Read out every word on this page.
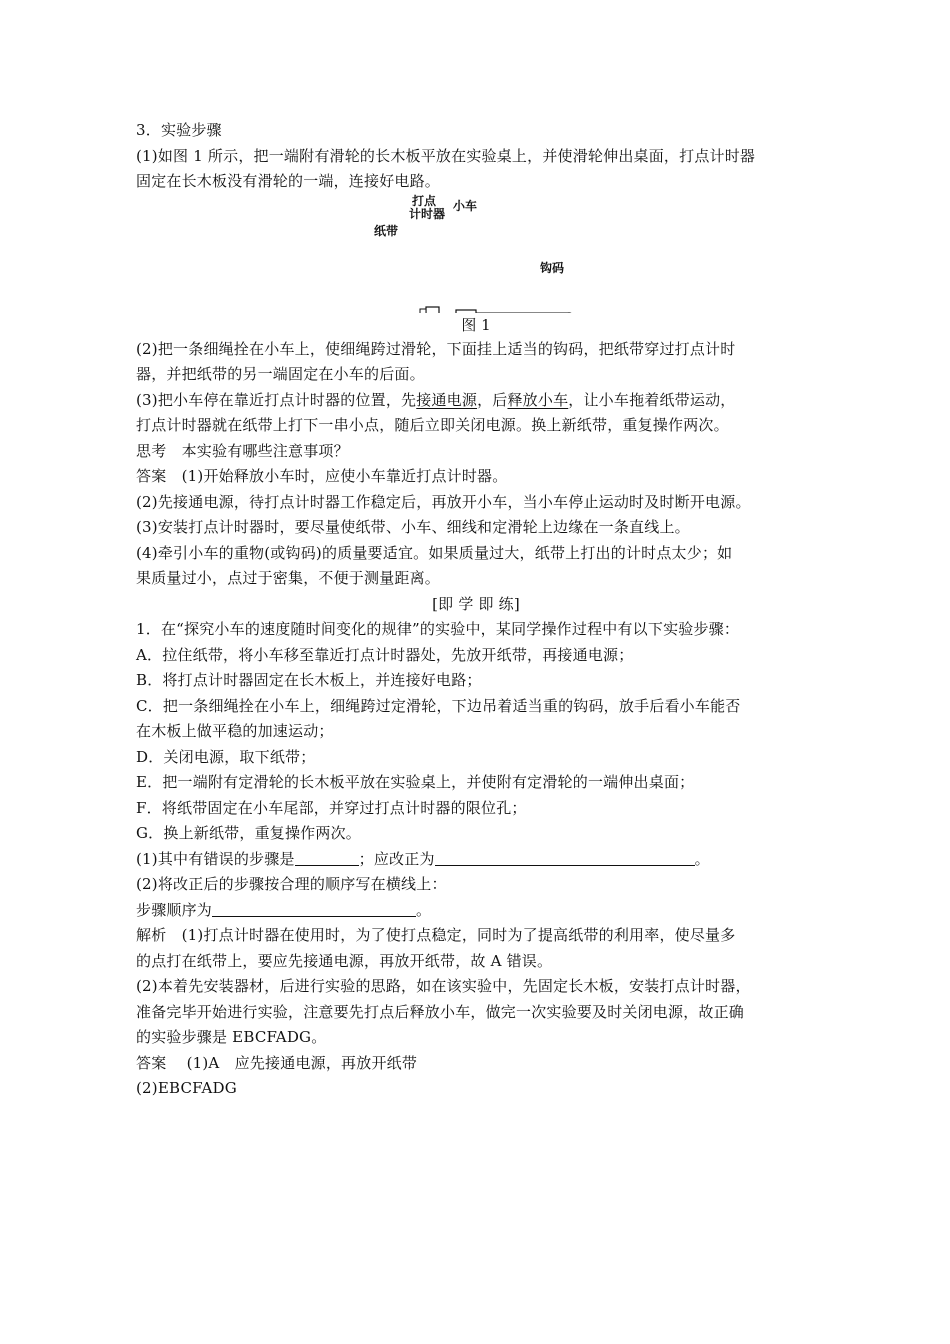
3．实验步骤
(1)如图 1 所示，把一端附有滑轮的长木板平放在实验桌上，并使滑轮伸出桌面，打点计时器
固定在长木板没有滑轮的一端，连接好电路。
打点
计时器
小车
纸带
钩码
图 1
(2)把一条细绳拴在小车上，使细绳跨过滑轮，下面挂上适当的钩码，把纸带穿过打点计时
器，并把纸带的另一端固定在小车的后面。
(3)把小车停在靠近打点计时器的位置，先接通电源，后释放小车，让小车拖着纸带运动，
打点计时器就在纸带上打下一串小点，随后立即关闭电源。换上新纸带，重复操作两次。
思考　本实验有哪些注意事项？
答案　(1)开始释放小车时，应使小车靠近打点计时器。
(2)先接通电源，待打点计时器工作稳定后，再放开小车，当小车停止运动时及时断开电源。
(3)安装打点计时器时，要尽量使纸带、小车、细线和定滑轮上边缘在一条直线上。
(4)牵引小车的重物(或钩码)的质量要适宜。如果质量过大，纸带上打出的计时点太少；如
果质量过小，点过于密集，不便于测量距离。
[即 学 即 练]
1．在“探究小车的速度随时间变化的规律”的实验中，某同学操作过程中有以下实验步骤：
A．拉住纸带，将小车移至靠近打点计时器处，先放开纸带，再接通电源；
B．将打点计时器固定在长木板上，并连接好电路；
C．把一条细绳拴在小车上，细绳跨过定滑轮，下边吊着适当重的钩码，放手后看小车能否
在木板上做平稳的加速运动；
D．关闭电源，取下纸带；
E．把一端附有定滑轮的长木板平放在实验桌上，并使附有定滑轮的一端伸出桌面；
F．将纸带固定在小车尾部，并穿过打点计时器的限位孔；
G．换上新纸带，重复操作两次。
(1)其中有错误的步骤是	；应改正为	。
(2)将改正后的步骤按合理的顺序写在横线上：
步骤顺序为	。
解析　(1)打点计时器在使用时，为了使打点稳定，同时为了提高纸带的利用率，使尽量多
的点打在纸带上，要应先接通电源，再放开纸带，故 A 错误。
(2)本着先安装器材，后进行实验的思路，如在该实验中，先固定长木板，安装打点计时器，
准备完毕开始进行实验，注意要先打点后释放小车，做完一次实验要及时关闭电源，故正确
的实验步骤是 EBCFADG。
答案　 (1)A　应先接通电源，再放开纸带
(2)EBCFADG
